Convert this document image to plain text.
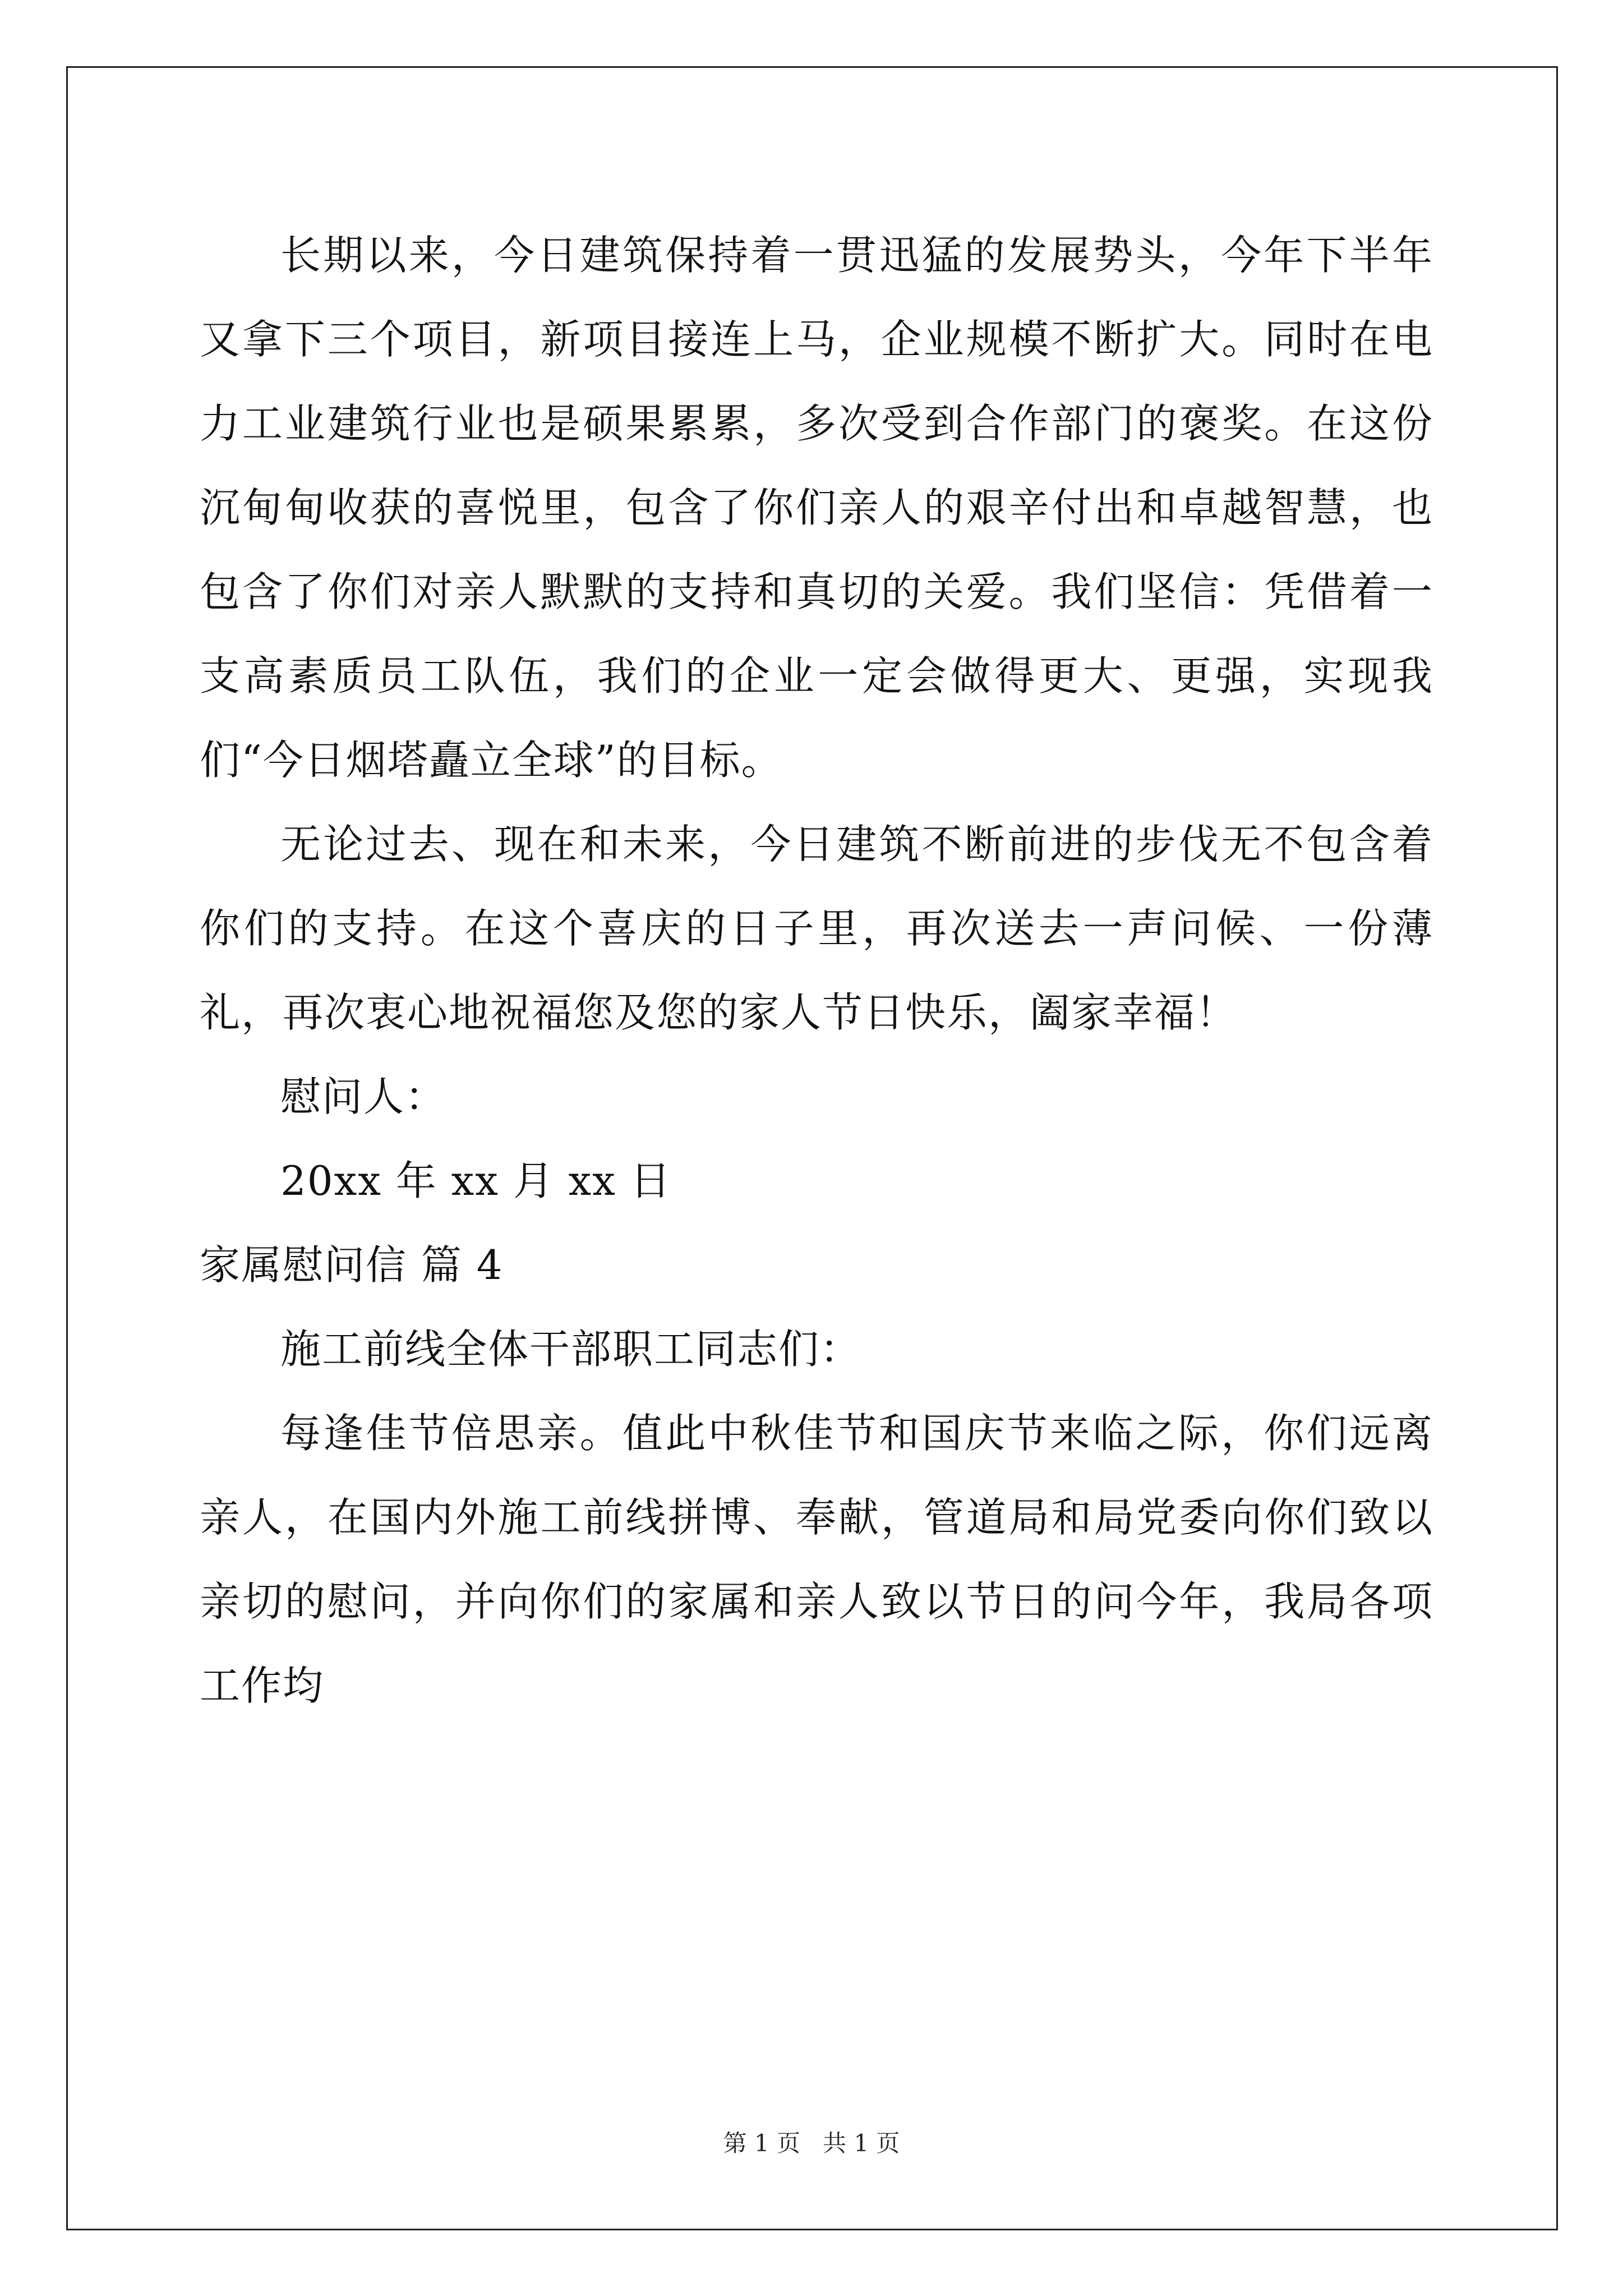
长期以来，今日建筑保持着一贯迅猛的发展势头，今年下半年又拿下三个项目，新项目接连上马，企业规模不断扩大。同时在电力工业建筑行业也是硕果累累，多次受到合作部门的褒奖。在这份沉甸甸收获的喜悦里，包含了你们亲人的艰辛付出和卓越智慧，也包含了你们对亲人默默的支持和真切的关爱。我们坚信：凭借着一支高素质员工队伍，我们的企业一定会做得更大、更强，实现我们“今日烟塔矗立全球”的目标。

无论过去、现在和未来，今日建筑不断前进的步伐无不包含着你们的支持。在这个喜庆的日子里，再次送去一声问候、一份薄礼，再次衷心地祝福您及您的家人节日快乐，阖家幸福！

慰问人：

20xx 年 xx 月 xx 日

家属慰问信 篇 4

施工前线全体干部职工同志们：

每逢佳节倍思亲。值此中秋佳节和国庆节来临之际，你们远离亲人，在国内外施工前线拼博、奉献，管道局和局党委向你们致以亲切的慰问，并向你们的家属和亲人致以节日的问今年，我局各项工作均

第 1 页 共 1 页
